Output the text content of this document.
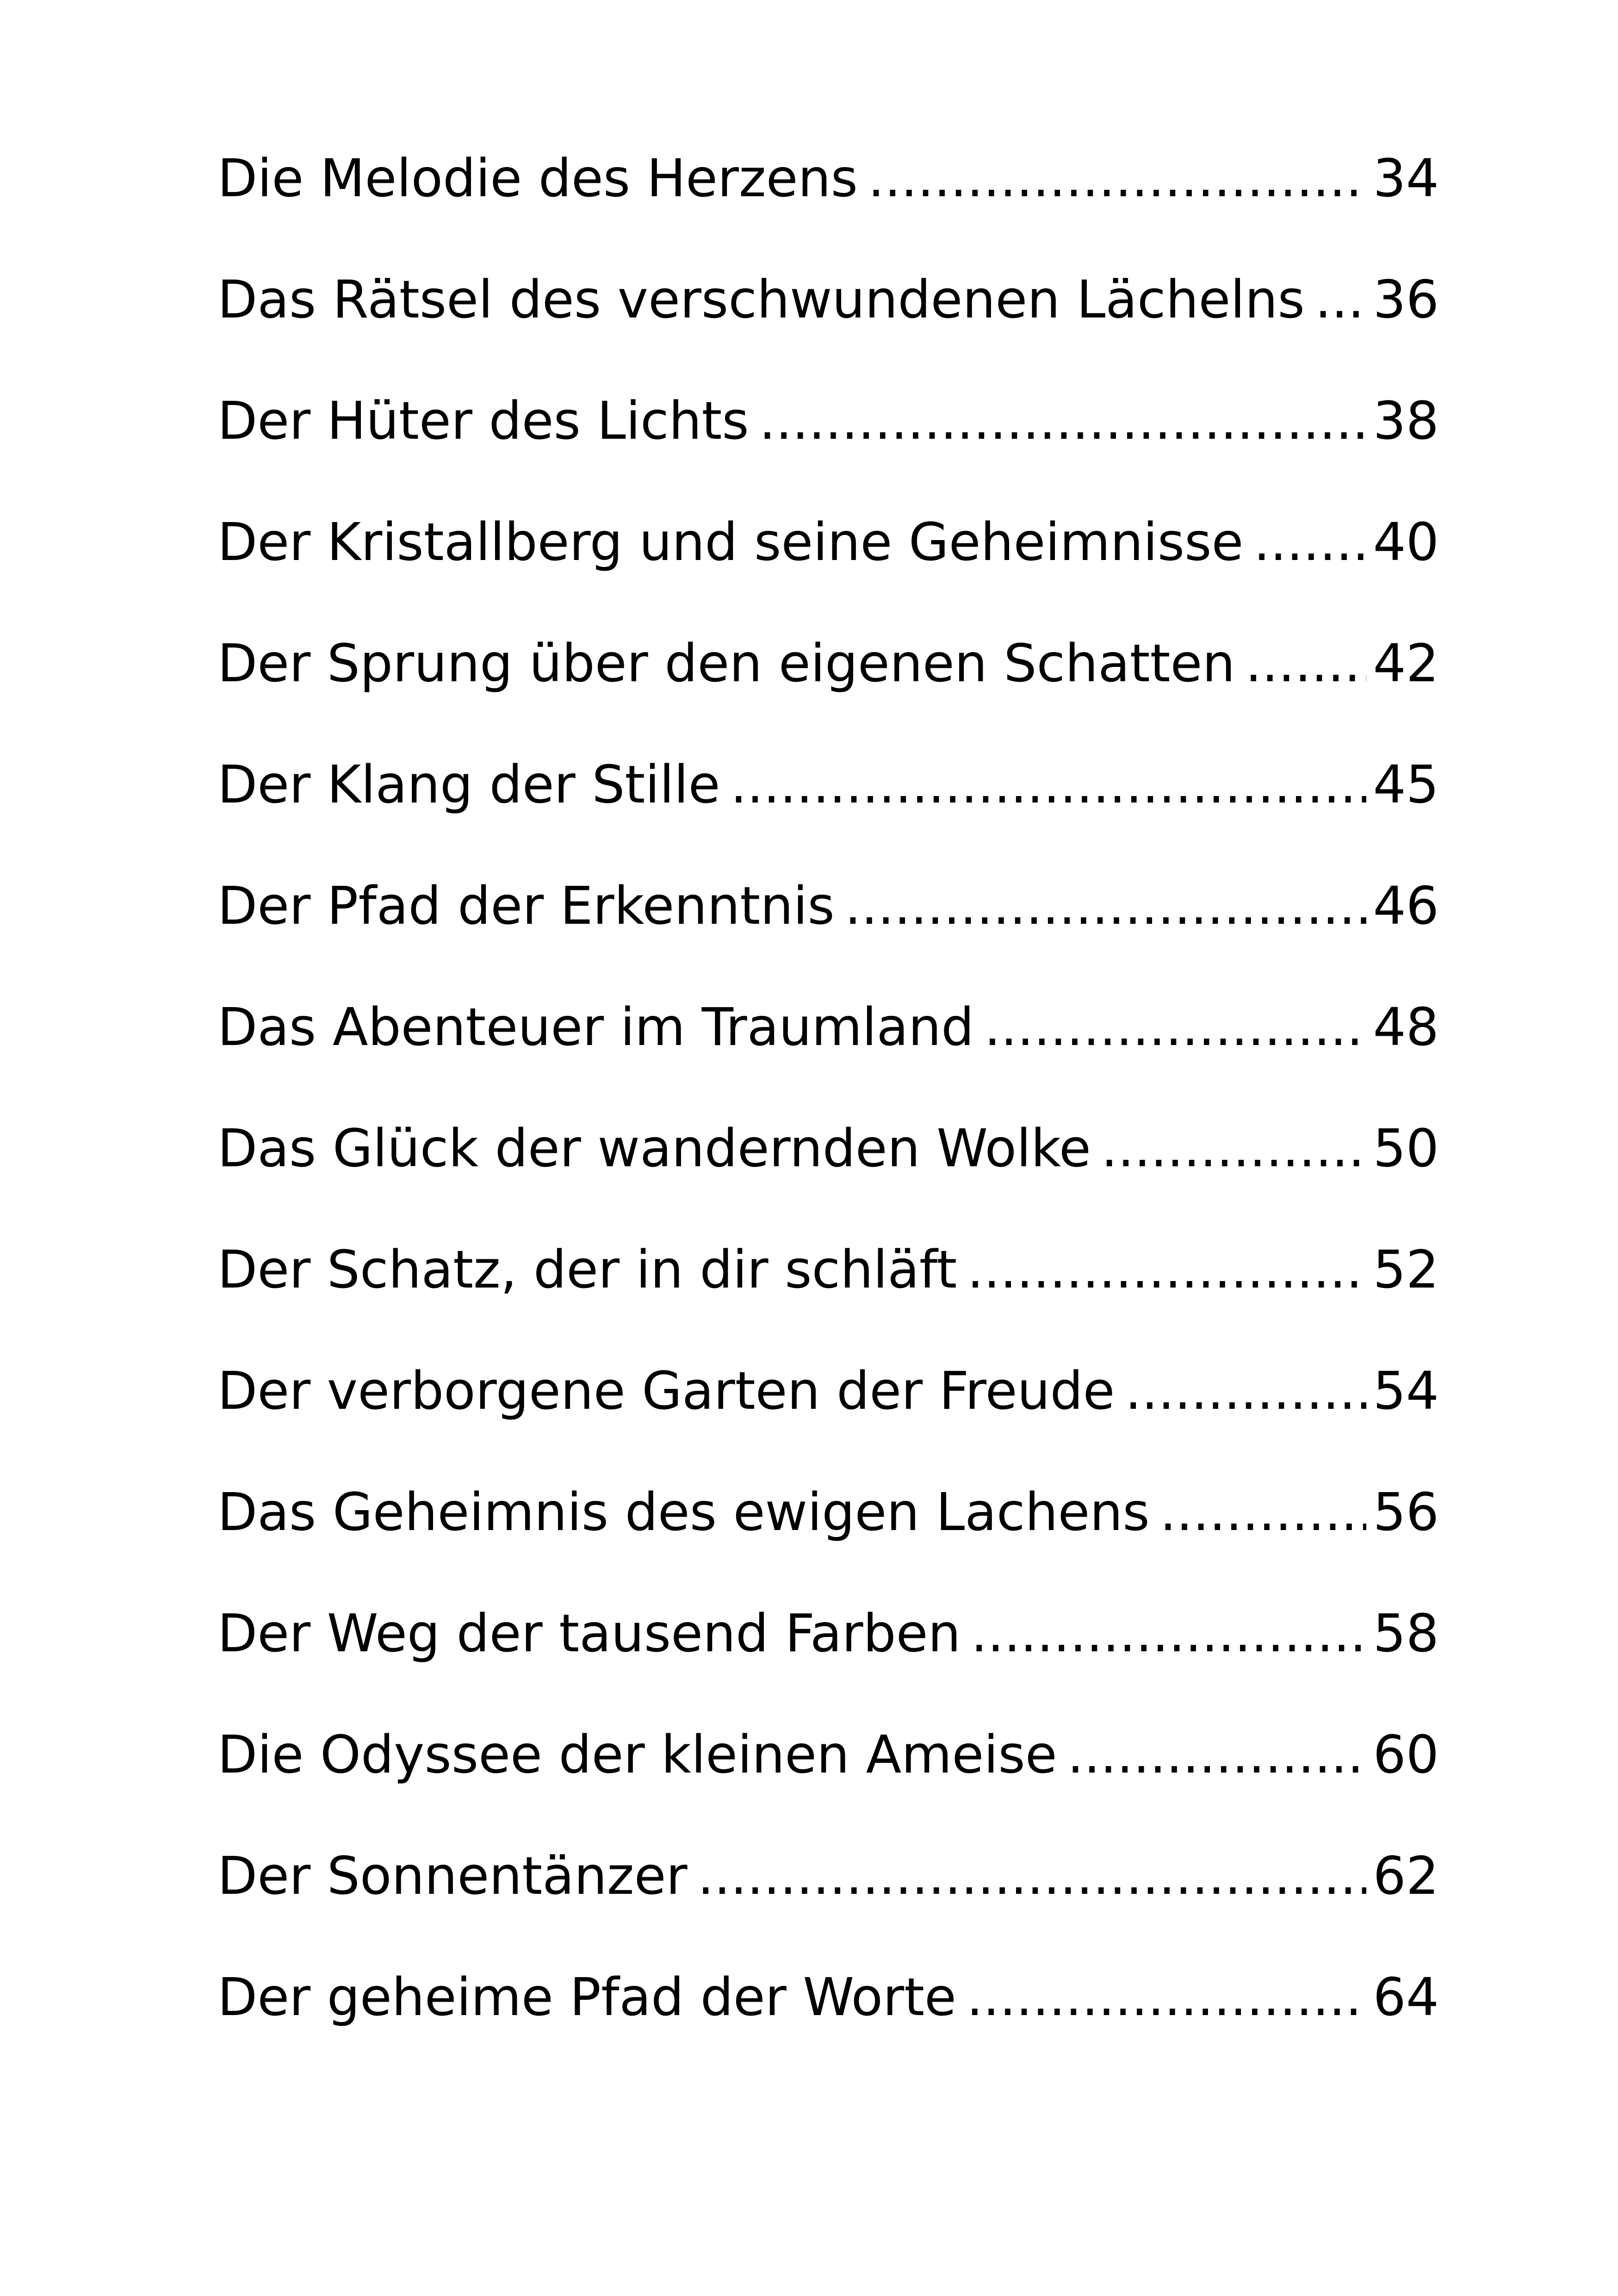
Die Melodie des Herzens .....	34
Das Rätsel des verschwundenen Lächelns ..... 36
Der Hüter des Lichts .....	38
Der Kristallberg und seine Geheimnisse .....	40
Der Sprung über den eigenen Schatten .....	42
Der Klang der Stille .....	45
Der Pfad der Erkenntnis .....	46
Das Abenteuer im Traumland .....	48
Das Glück der wandernden Wolke .....	50
Der Schatz, der in dir schläft .....	52
Der verborgene Garten der Freude .....	54
Das Geheimnis des ewigen Lachens .....	56
Der Weg der tausend Farben .....	58
Die Odyssee der kleinen Ameise .....	60
Der Sonnentänzer .....	62
Der geheime Pfad der Worte .....	64
